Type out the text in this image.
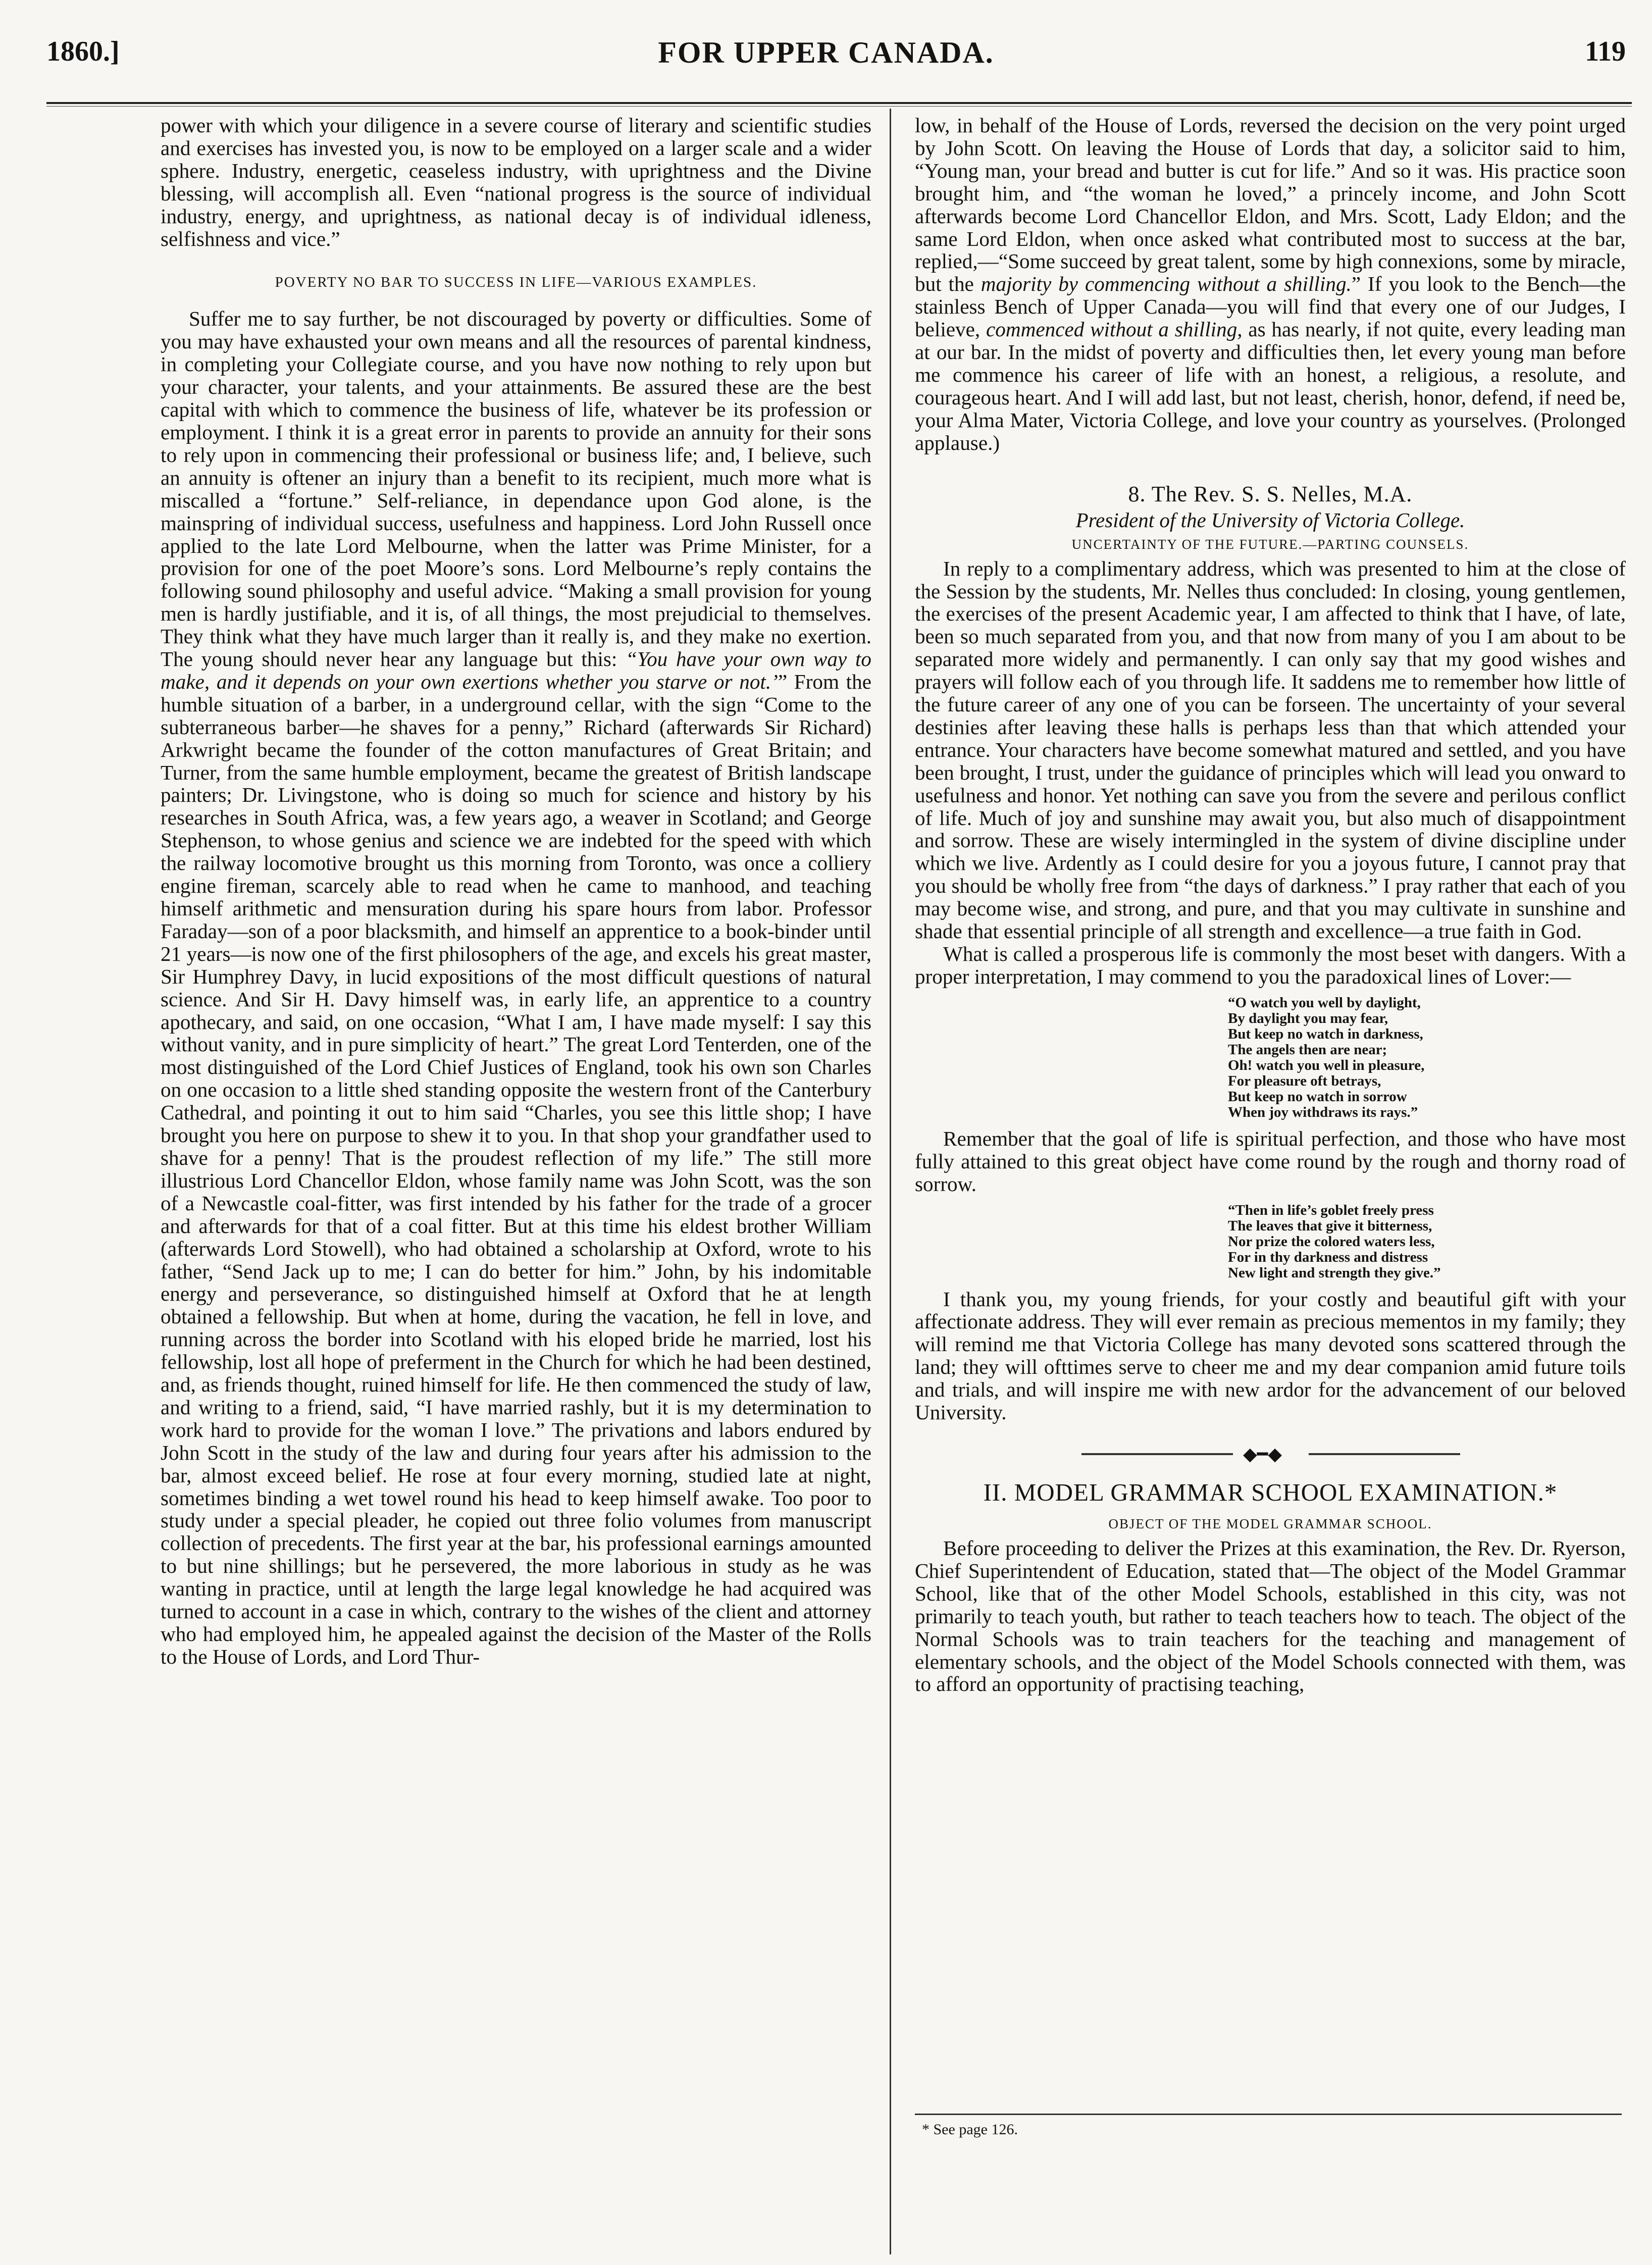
1860.]	FOR UPPER CANADA.	119

power with which your diligence in a severe course of literary and scientific studies and exercises has invested you, is now to be employed on a larger scale and a wider sphere. Industry, energetic, ceaseless industry, with uprightness and the Divine blessing, will accomplish all. Even “national progress is the source of individual industry, energy, and uprightness, as national decay is of individual idleness, selfishness and vice.”

POVERTY NO BAR TO SUCCESS IN LIFE—VARIOUS EXAMPLES.

Suffer me to say further, be not discouraged by poverty or difficulties. Some of you may have exhausted your own means and all the resources of parental kindness, in completing your Collegiate course, and you have now nothing to rely upon but your character, your talents, and your attainments. Be assured these are the best capital with which to commence the business of life, whatever be its profession or employment. I think it is a great error in parents to provide an annuity for their sons to rely upon in commencing their professional or business life; and, I believe, such an annuity is oftener an injury than a benefit to its recipient, much more what is miscalled a “fortune.” Self-reliance, in dependance upon God alone, is the mainspring of individual success, usefulness and happiness. Lord John Russell once applied to the late Lord Melbourne, when the latter was Prime Minister, for a provision for one of the poet Moore’s sons. Lord Melbourne’s reply contains the following sound philosophy and useful advice. “Making a small provision for young men is hardly justifiable, and it is, of all things, the most prejudicial to themselves. They think what they have much larger than it really is, and they make no exertion. The young should never hear any language but this: “You have your own way to make, and it depends on your own exertions whether you starve or not.’” From the humble situation of a barber, in a underground cellar, with the sign “Come to the subterraneous barber—he shaves for a penny,” Richard (afterwards Sir Richard) Arkwright became the founder of the cotton manufactures of Great Britain; and Turner, from the same humble employment, became the greatest of British landscape painters; Dr. Livingstone, who is doing so much for science and history by his researches in South Africa, was, a few years ago, a weaver in Scotland; and George Stephenson, to whose genius and science we are indebted for the speed with which the railway locomotive brought us this morning from Toronto, was once a colliery engine fireman, scarcely able to read when he came to manhood, and teaching himself arithmetic and mensuration during his spare hours from labor. Professor Faraday—son of a poor blacksmith, and himself an apprentice to a book-binder until 21 years—is now one of the first philosophers of the age, and excels his great master, Sir Humphrey Davy, in lucid expositions of the most difficult questions of natural science. And Sir H. Davy himself was, in early life, an apprentice to a country apothecary, and said, on one occasion, “What I am, I have made myself: I say this without vanity, and in pure simplicity of heart.” The great Lord Tenterden, one of the most distinguished of the Lord Chief Justices of England, took his own son Charles on one occasion to a little shed standing opposite the western front of the Canterbury Cathedral, and pointing it out to him said “Charles, you see this little shop; I have brought you here on purpose to shew it to you. In that shop your grandfather used to shave for a penny! That is the proudest reflection of my life.” The still more illustrious Lord Chancellor Eldon, whose family name was John Scott, was the son of a Newcastle coal-fitter, was first intended by his father for the trade of a grocer and afterwards for that of a coal fitter. But at this time his eldest brother William (afterwards Lord Stowell), who had obtained a scholarship at Oxford, wrote to his father, “Send Jack up to me; I can do better for him.” John, by his indomitable energy and perseverance, so distinguished himself at Oxford that he at length obtained a fellowship. But when at home, during the vacation, he fell in love, and running across the border into Scotland with his eloped bride he married, lost his fellowship, lost all hope of preferment in the Church for which he had been destined, and, as friends thought, ruined himself for life. He then commenced the study of law, and writing to a friend, said, “I have married rashly, but it is my determination to work hard to provide for the woman I love.” The privations and labors endured by John Scott in the study of the law and during four years after his admission to the bar, almost exceed belief. He rose at four every morning, studied late at night, sometimes binding a wet towel round his head to keep himself awake. Too poor to study under a special pleader, he copied out three folio volumes from manuscript collection of precedents. The first year at the bar, his professional earnings amounted to but nine shillings; but he persevered, the more laborious in study as he was wanting in practice, until at length the large legal knowledge he had acquired was turned to account in a case in which, contrary to the wishes of the client and attorney who had employed him, he appealed against the decision of the Master of the Rolls to the House of Lords, and Lord Thur-

low, in behalf of the House of Lords, reversed the decision on the very point urged by John Scott. On leaving the House of Lords that day, a solicitor said to him, “Young man, your bread and butter is cut for life.” And so it was. His practice soon brought him, and “the woman he loved,” a princely income, and John Scott afterwards become Lord Chancellor Eldon, and Mrs. Scott, Lady Eldon; and the same Lord Eldon, when once asked what contributed most to success at the bar, replied,—“Some succeed by great talent, some by high connexions, some by miracle, but the majority by commencing without a shilling.” If you look to the Bench—the stainless Bench of Upper Canada—you will find that every one of our Judges, I believe, commenced without a shilling, as has nearly, if not quite, every leading man at our bar. In the midst of poverty and difficulties then, let every young man before me commence his career of life with an honest, a religious, a resolute, and courageous heart. And I will add last, but not least, cherish, honor, defend, if need be, your Alma Mater, Victoria College, and love your country as yourselves. (Prolonged applause.)

8. The Rev. S. S. Nelles, M.A.
President of the University of Victoria College.
UNCERTAINTY OF THE FUTURE.—PARTING COUNSELS.

In reply to a complimentary address, which was presented to him at the close of the Session by the students, Mr. Nelles thus concluded: In closing, young gentlemen, the exercises of the present Academic year, I am affected to think that I have, of late, been so much separated from you, and that now from many of you I am about to be separated more widely and permanently. I can only say that my good wishes and prayers will follow each of you through life. It saddens me to remember how little of the future career of any one of you can be forseen. The uncertainty of your several destinies after leaving these halls is perhaps less than that which attended your entrance. Your characters have become somewhat matured and settled, and you have been brought, I trust, under the guidance of principles which will lead you onward to usefulness and honor. Yet nothing can save you from the severe and perilous conflict of life. Much of joy and sunshine may await you, but also much of disappointment and sorrow. These are wisely intermingled in the system of divine discipline under which we live. Ardently as I could desire for you a joyous future, I cannot pray that you should be wholly free from “the days of darkness.” I pray rather that each of you may become wise, and strong, and pure, and that you may cultivate in sunshine and shade that essential principle of all strength and excellence—a true faith in God.

What is called a prosperous life is commonly the most beset with dangers. With a proper interpretation, I may commend to you the paradoxical lines of Lover:—

“O watch you well by daylight,
By daylight you may fear,
But keep no watch in darkness,
The angels then are near;
Oh! watch you well in pleasure,
For pleasure oft betrays,
But keep no watch in sorrow
When joy withdraws its rays.”

Remember that the goal of life is spiritual perfection, and those who have most fully attained to this great object have come round by the rough and thorny road of sorrow.

“Then in life’s goblet freely press
The leaves that give it bitterness,
Nor prize the colored waters less,
For in thy darkness and distress
New light and strength they give.”

I thank you, my young friends, for your costly and beautiful gift with your affectionate address. They will ever remain as precious mementos in my family; they will remind me that Victoria College has many devoted sons scattered through the land; they will ofttimes serve to cheer me and my dear companion amid future toils and trials, and will inspire me with new ardor for the advancement of our beloved University.

◆━◆
II. MODEL GRAMMAR SCHOOL EXAMINATION.*
OBJECT OF THE MODEL GRAMMAR SCHOOL.

Before proceeding to deliver the Prizes at this examination, the Rev. Dr. Ryerson, Chief Superintendent of Education, stated that—The object of the Model Grammar School, like that of the other Model Schools, established in this city, was not primarily to teach youth, but rather to teach teachers how to teach. The object of the Normal Schools was to train teachers for the teaching and management of elementary schools, and the object of the Model Schools connected with them, was to afford an opportunity of practising teaching,

* See page 126.
